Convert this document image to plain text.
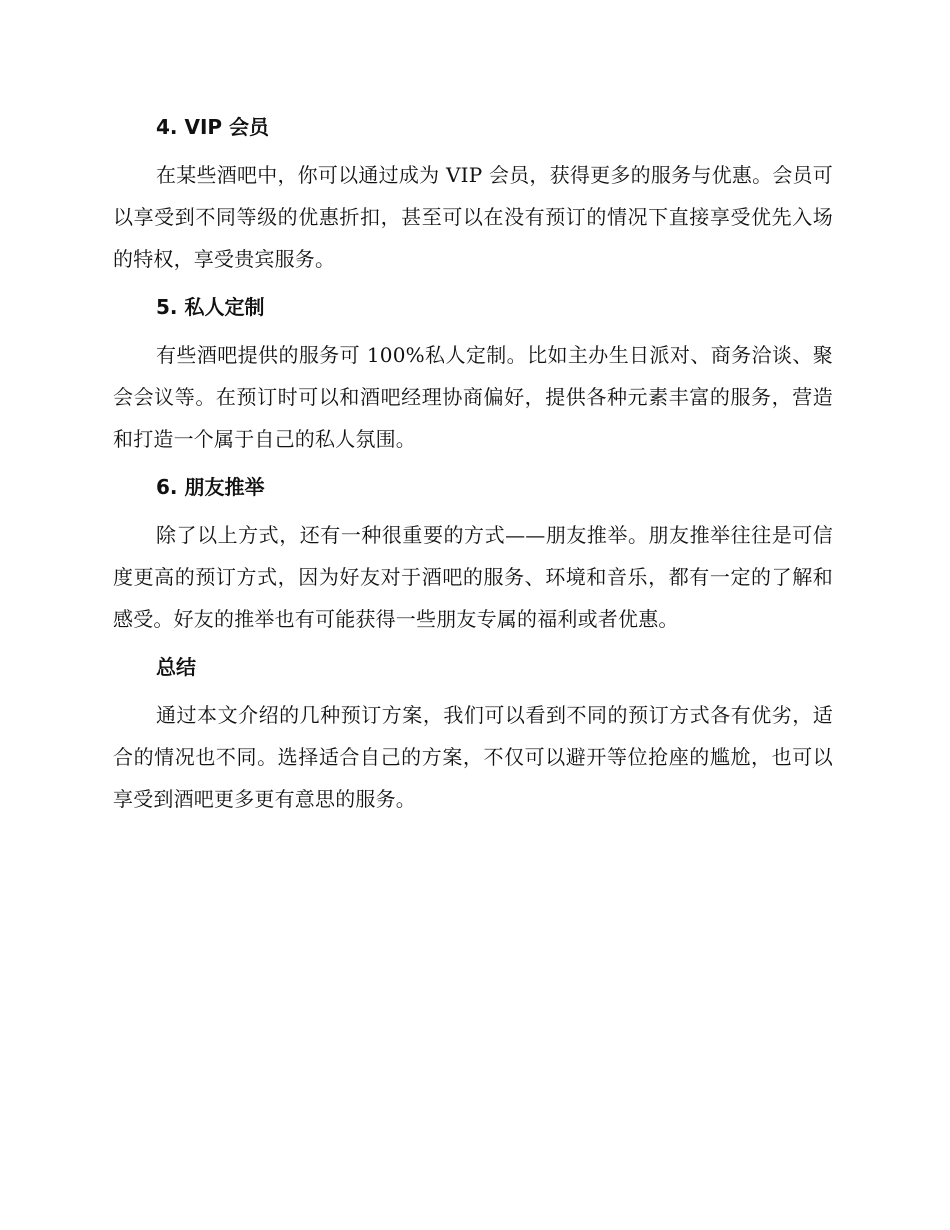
4. VIP 会员

在某些酒吧中，你可以通过成为 VIP 会员，获得更多的服务与优惠。会员可以享受到不同等级的优惠折扣，甚至可以在没有预订的情况下直接享受优先入场的特权，享受贵宾服务。

5. 私人定制

有些酒吧提供的服务可 100%私人定制。比如主办生日派对、商务洽谈、聚会会议等。在预订时可以和酒吧经理协商偏好，提供各种元素丰富的服务，营造和打造一个属于自己的私人氛围。

6. 朋友推举

除了以上方式，还有一种很重要的方式——朋友推举。朋友推举往往是可信度更高的预订方式，因为好友对于酒吧的服务、环境和音乐，都有一定的了解和感受。好友的推举也有可能获得一些朋友专属的福利或者优惠。

总结

通过本文介绍的几种预订方案，我们可以看到不同的预订方式各有优劣，适合的情况也不同。选择适合自己的方案，不仅可以避开等位抢座的尴尬，也可以享受到酒吧更多更有意思的服务。
